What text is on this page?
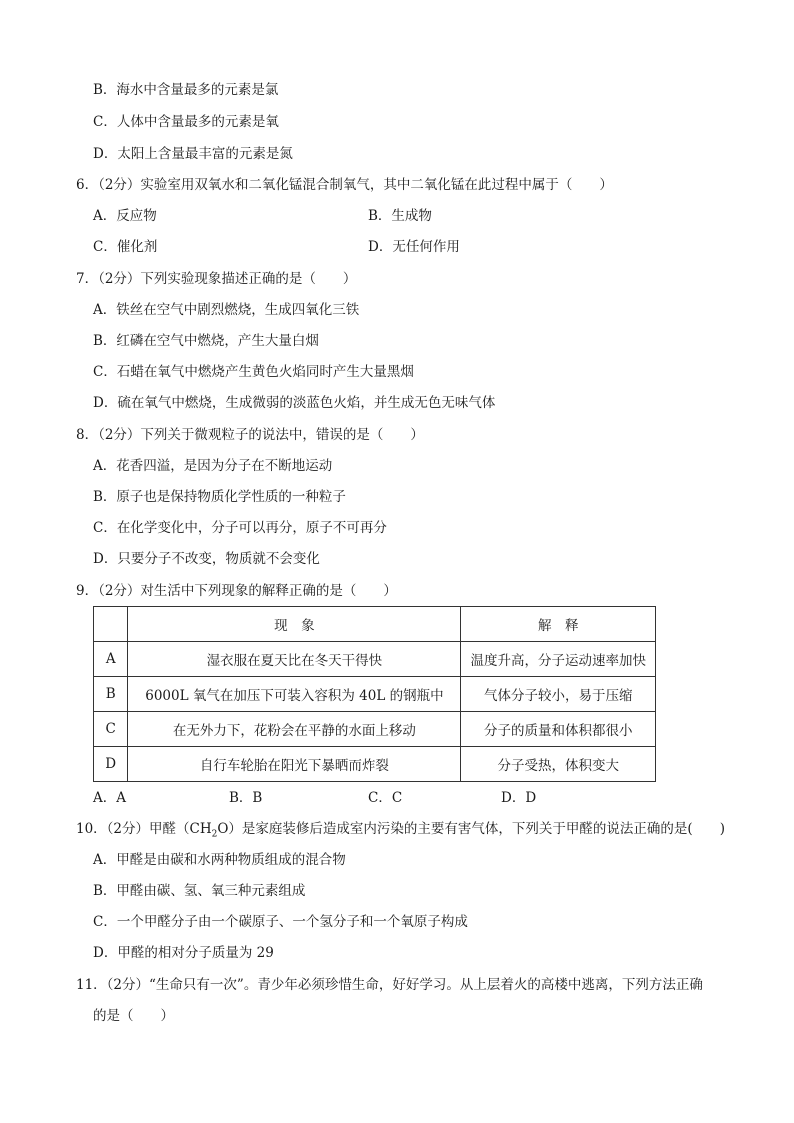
B．海水中含量最多的元素是氯
C．人体中含量最多的元素是氧
D．太阳上含量最丰富的元素是氮
6．（2分）实验室用双氧水和二氧化锰混合制氧气，其中二氧化锰在此过程中属于（　　）
A．反应物	B．生成物
C．催化剂	D．无任何作用
7．（2分）下列实验现象描述正确的是（　　）
A．铁丝在空气中剧烈燃烧，生成四氧化三铁
B．红磷在空气中燃烧，产生大量白烟
C．石蜡在氧气中燃烧产生黄色火焰同时产生大量黑烟
D．硫在氧气中燃烧，生成微弱的淡蓝色火焰，并生成无色无味气体
8．（2分）下列关于微观粒子的说法中，错误的是（　　）
A．花香四溢，是因为分子在不断地运动
B．原子也是保持物质化学性质的一种粒子
C．在化学变化中，分子可以再分，原子不可再分
D．只要分子不改变，物质就不会变化
9．（2分）对生活中下列现象的解释正确的是（　　）
	现　象	解　释
A	湿衣服在夏天比在冬天干得快	温度升高，分子运动速率加快
B	6000L 氧气在加压下可装入容积为 40L 的钢瓶中	气体分子较小，易于压缩
C	在无外力下，花粉会在平静的水面上移动	分子的质量和体积都很小
D	自行车轮胎在阳光下暴晒而炸裂	分子受热，体积变大
A．A	B．B	C．C	D．D
10．（2分）甲醛$(CH_2O)$是家庭装修后造成室内污染的主要有害气体，下列关于甲醛的说法正确的是(　　)
A．甲醛是由碳和水两种物质组成的混合物
B．甲醛由碳、氢、氧三种元素组成
C．一个甲醛分子由一个碳原子、一个氢分子和一个氧原子构成
D．甲醛的相对分子质量为 29
11．（2分）“生命只有一次”。青少年必须珍惜生命，好好学习。从上层着火的高楼中逃离，下列方法正确
的是（　　）
